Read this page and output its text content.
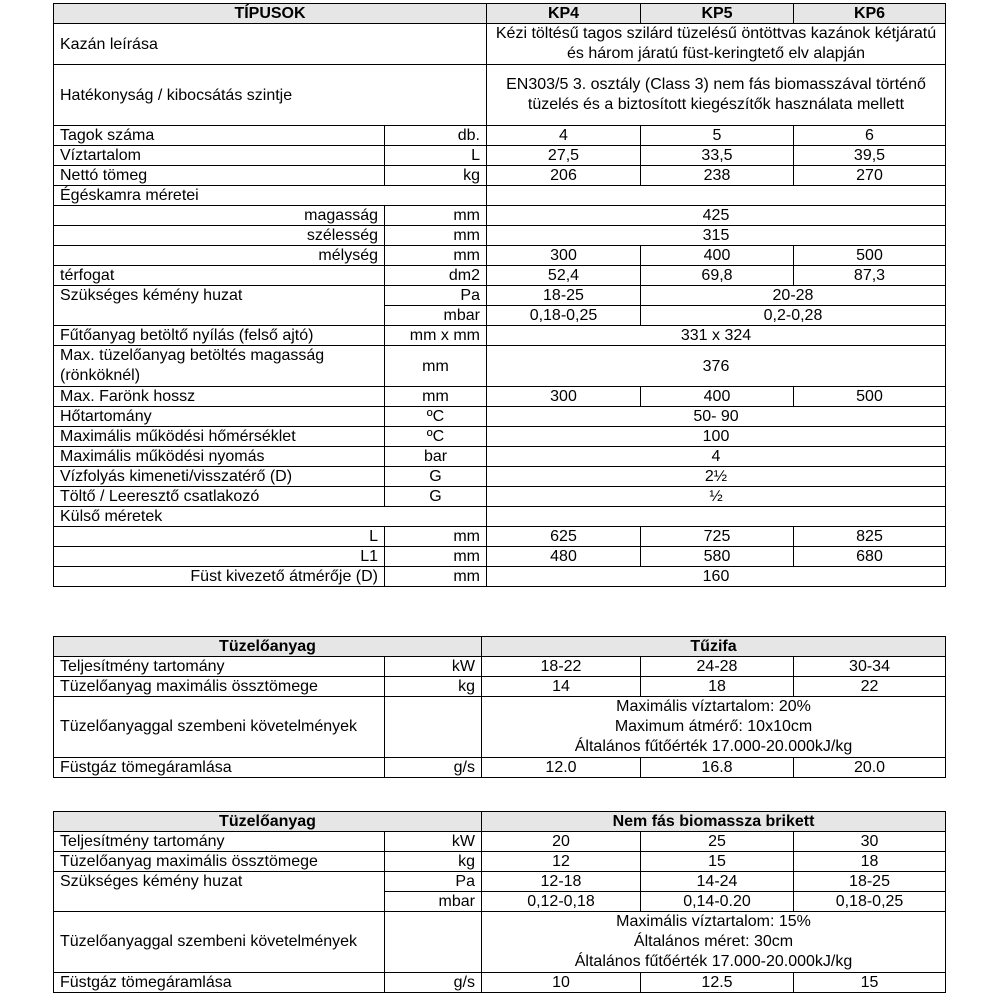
TÍPUSOK		KP4	KP5	KP6
Kazán leírása		Kézi töltésű tagos szilárd tüzelésű öntöttvas kazánok kétjáratú és három járatú füst-keringtető elv alapján		
Hatékonyság / kibocsátás szintje		EN303/5 3. osztály (Class 3) nem fás biomasszával történő tüzelés és a biztosított kiegészítők használata mellett		
Tagok száma	db.	4	5	6
Víztartalom	L	27,5	33,5	39,5
Nettó tömeg	kg	206	238	270
Égéskamra méretei				
magasság	mm	425		
szélesség	mm	315		
mélység	mm	300	400	500
térfogat	dm2	52,4	69,8	87,3
Szükséges kémény huzat	Pa	18-25	20-28	
	mbar	0,18-0,25	0,2-0,28	
Fűtőanyag betöltő nyílás (felső ajtó)	mm x mm	331 x 324		
Max. tüzelőanyag betöltés magasság (rönköknél)	mm	376		
Max. Farönk hossz	mm	300	400	500
Hőtartomány	ºC	50- 90		
Maximális működési hőmérséklet	ºC	100		
Maximális működési nyomás	bar	4		
Vízfolyás kimeneti/visszatérő (D)	G	2½		
Töltő / Leeresztő csatlakozó	G	½		
Külső méretek				
L	mm	625	725	825
L1	mm	480	580	680
Füst kivezető átmérője (D)	mm	160		
Tüzelőanyag		Tűzifa		
Teljesítmény tartomány	kW	18-22	24-28	30-34
Tüzelőanyag maximális össztömege	kg	14	18	22
Tüzelőanyaggal szembeni követelmények		Maximális víztartalom: 20%
Maximum átmérő: 10x10cm
Általános fűtőérték 17.000-20.000kJ/kg		

Füstgáz tömegáramlása	g/s	12.0	16.8	20.0
Tüzelőanyag		Nem fás biomassza brikett		
Teljesítmény tartomány	kW	20	25	30
Tüzelőanyag maximális össztömege	kg	12	15	18
Szükséges kémény huzat	Pa	12-18	14-24	18-25
	mbar	0,12-0,18	0,14-0.20	0,18-0,25
Tüzelőanyaggal szembeni követelmények		Maximális víztartalom: 15%
Általános méret: 30cm
Általános fűtőérték 17.000-20.000kJ/kg		

Füstgáz tömegáramlása	g/s	10	12.5	15
